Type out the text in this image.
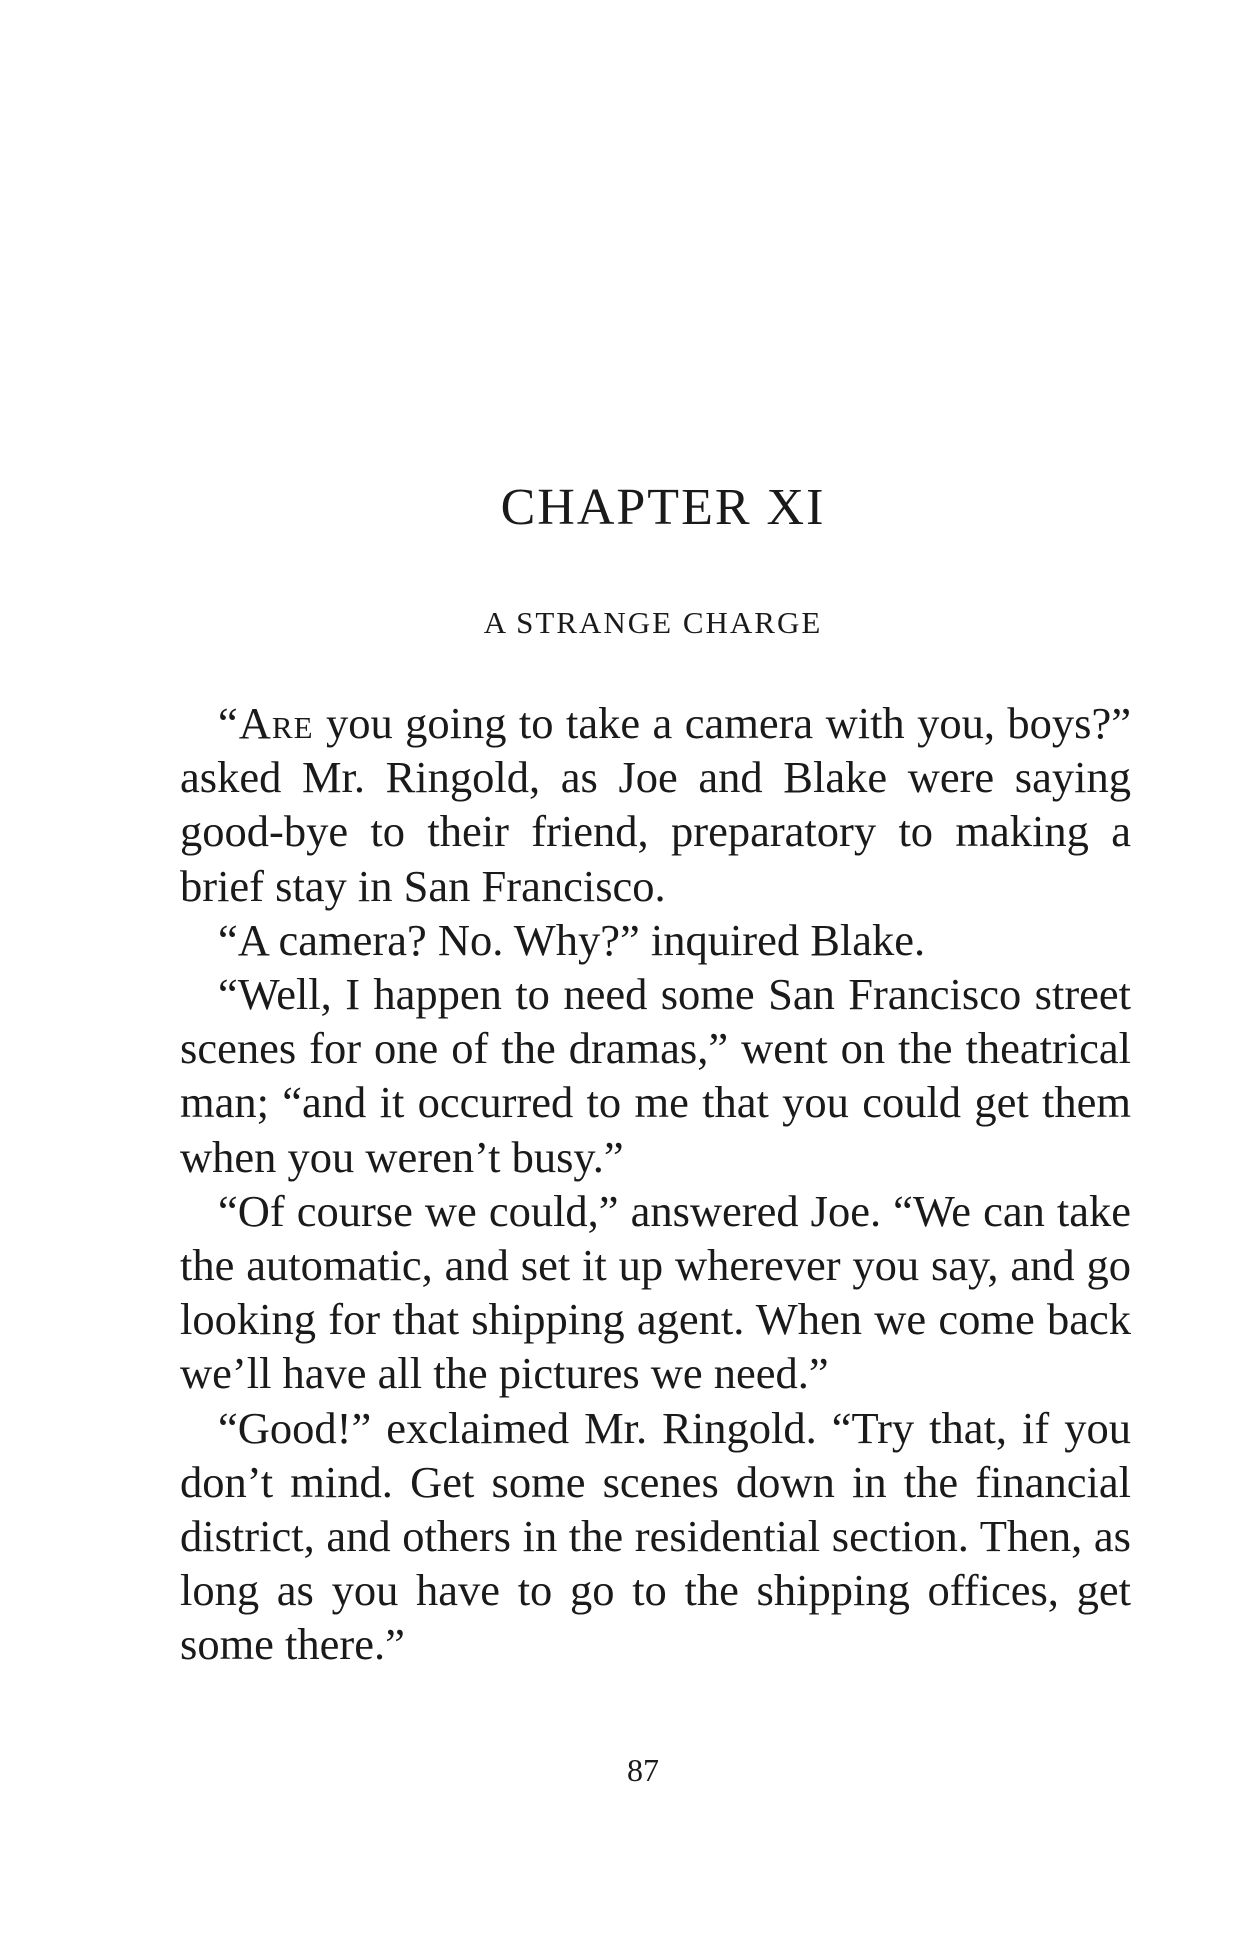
CHAPTER XI
A STRANGE CHARGE

“Are you going to take a camera with you, boys?” asked Mr. Ringold, as Joe and Blake were saying good-bye to their friend, preparatory to making a brief stay in San Francisco.

“A camera? No. Why?” inquired Blake.

“Well, I happen to need some San Francisco street scenes for one of the dramas,” went on the theatrical man; “and it occurred to me that you could get them when you weren’t busy.”

“Of course we could,” answered Joe. “We can take the automatic, and set it up wherever you say, and go looking for that shipping agent. When we come back we’ll have all the pictures we need.”

“Good!” exclaimed Mr. Ringold. “Try that, if you don’t mind. Get some scenes down in the financial district, and others in the residential section. Then, as long as you have to go to the shipping offices, get some there.”

87
